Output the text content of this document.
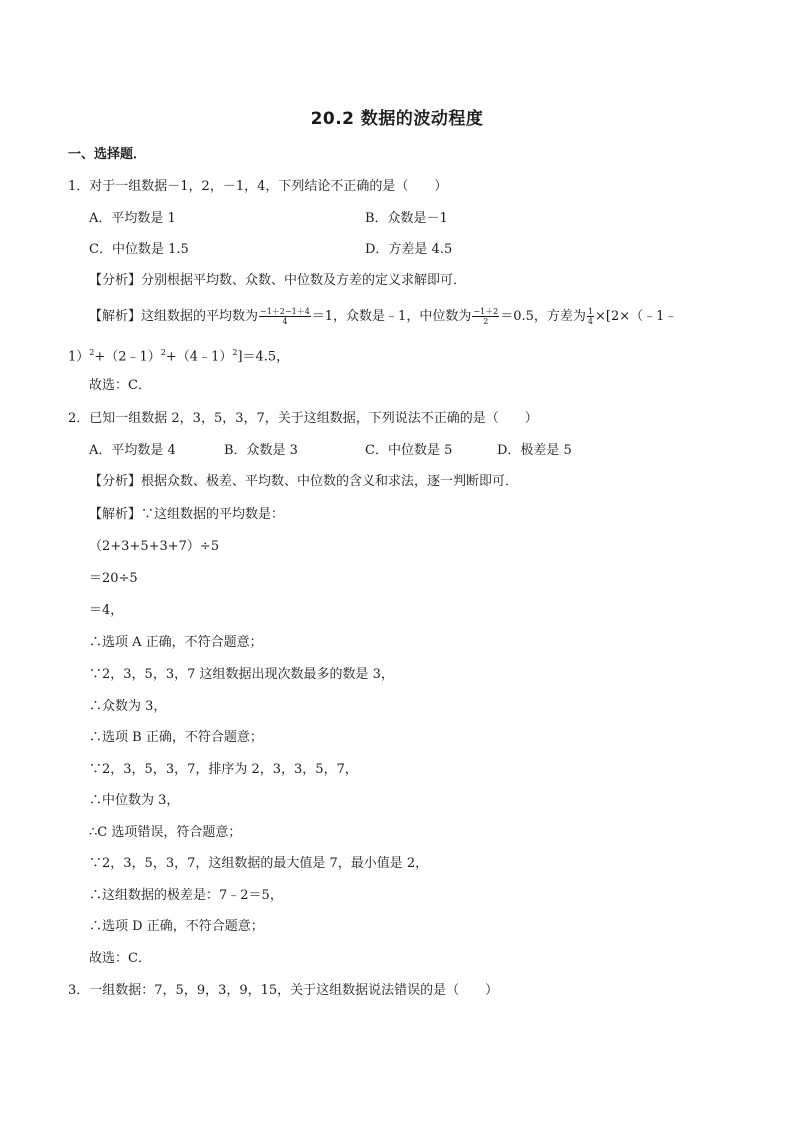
20.2 数据的波动程度
一、选择题．
1．对于一组数据－1，2，－1，4，下列结论不正确的是（　　）
A．平均数是 1	B．众数是－1
C．中位数是 1.5	D．方差是 4.5
【分析】分别根据平均数、众数、中位数及方差的定义求解即可．
【解析】这组数据的平均数为 $\frac{-1+2-1+4}{4} =1$，众数是﹣1，中位数为 $\frac{-1+2}{2} =0.5$，方差为 $\frac{1}{4}$ ×[2×（﹣1﹣
1）$^2$+（2﹣1）$^2$+（4﹣1）$^2$]＝4.5，
故选：C．
2．已知一组数据 2，3，5，3，7，关于这组数据，下列说法不正确的是（　　）
A．平均数是 4	B．众数是 3	C．中位数是 5	D．极差是 5
【分析】根据众数、极差、平均数、中位数的含义和求法，逐一判断即可．
【解析】∵这组数据的平均数是：
（2+3+5+3+7）÷5
＝20÷5
＝4，
∴选项 A 正确，不符合题意；
∵2，3，5，3，7 这组数据出现次数最多的数是 3，
∴众数为 3，
∴选项 B 正确，不符合题意；
∵2，3，5，3，7，排序为 2，3，3，5，7，
∴中位数为 3，
∴C 选项错误，符合题意；
∵2，3，5，3，7，这组数据的最大值是 7，最小值是 2，
∴这组数据的极差是：7﹣2＝5，
∴选项 D 正确，不符合题意；
故选：C．
3．一组数据：7，5，9，3，9，15，关于这组数据说法错误的是（　　）
